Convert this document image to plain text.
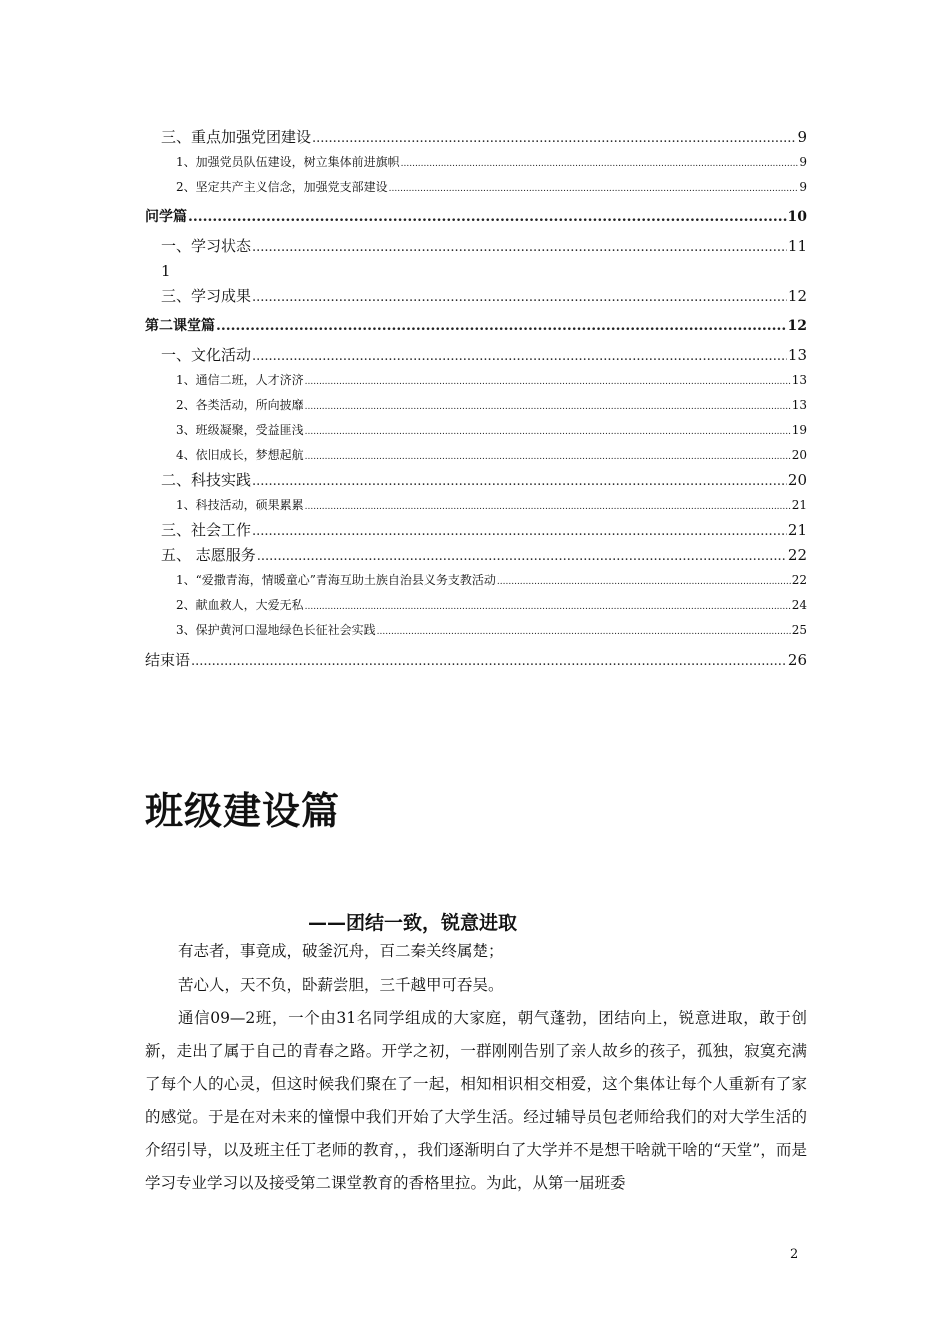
三、重点加强党团建设 .....	9
1、加强党员队伍建设，树立集体前进旗帜 .....	9
2、坚定共产主义信念，加强党支部建设 .....	9
问学篇 .....	10
一、学习状态 .....	11
1
三、学习成果 .....	12
第二课堂篇 .....	12
一、文化活动 .....	13
1、通信二班，人才济济 .....	13
2、各类活动，所向披靡 .....	13
3、班级凝聚，受益匪浅 .....	19
4、依旧成长，梦想起航 .....	20
二、科技实践 .....	20
1、科技活动，硕果累累 .....	21
三、社会工作 .....	21
五、 志愿服务 .....	22
1、“爱撒青海，情暖童心”青海互助土族自治县义务支教活动 .....	22
2、献血救人，大爱无私 .....	24
3、保护黄河口湿地绿色长征社会实践 .....	25
结束语 .....	26
班级建设篇
——团结一致，锐意进取

有志者，事竟成，破釜沉舟，百二秦关终属楚；

苦心人，天不负，卧薪尝胆，三千越甲可吞吴。

通信09—2班，一个由31名同学组成的大家庭，朝气蓬勃，团结向上，锐意进取，敢于创新，走出了属于自己的青春之路。开学之初，一群刚刚告别了亲人故乡的孩子，孤独，寂寞充满了每个人的心灵，但这时候我们聚在了一起，相知相识相交相爱，这个集体让每个人重新有了家的感觉。于是在对未来的憧憬中我们开始了大学生活。经过辅导员包老师给我们的对大学生活的介绍引导，以及班主任丁老师的教育，，我们逐渐明白了大学并不是想干啥就干啥的“天堂”，而是学习专业学习以及接受第二课堂教育的香格里拉。为此，从第一届班委

2
